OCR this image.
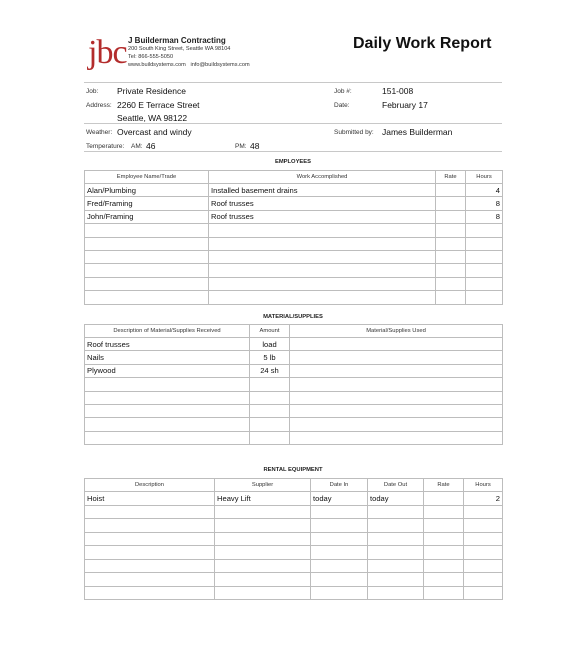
jbc J Builderman Contracting
200 South King Street, Seattle WA 98104
Tel: 866-555-5050
www.buildsystems.com   info@buildsystems.com
Daily Work Report
Job: Private Residence
Address: 2260 E Terrace Street
Seattle, WA 98122
Weather: Overcast and windy
Temperature: AM: 46	PM: 48
Job #:	151-008
Date:	February 17
Submitted by: James Builderman
EMPLOYEES
Employee Name/Trade	Work Accomplished	Rate	Hours
Alan/Plumbing	Installed basement drains		4
Fred/Framing	Roof trusses		8
John/Framing	Roof trusses		8

MATERIAL/SUPPLIES
Description of Material/Supplies Received	Amount	Material/Supplies Used
Roof trusses	load	
Nails	5 lb	
Plywood	24 sh	

RENTAL EQUIPMENT
Description	Supplier	Date In	Date Out	Rate	Hours
Hoist	Heavy Lift	today	today		2
